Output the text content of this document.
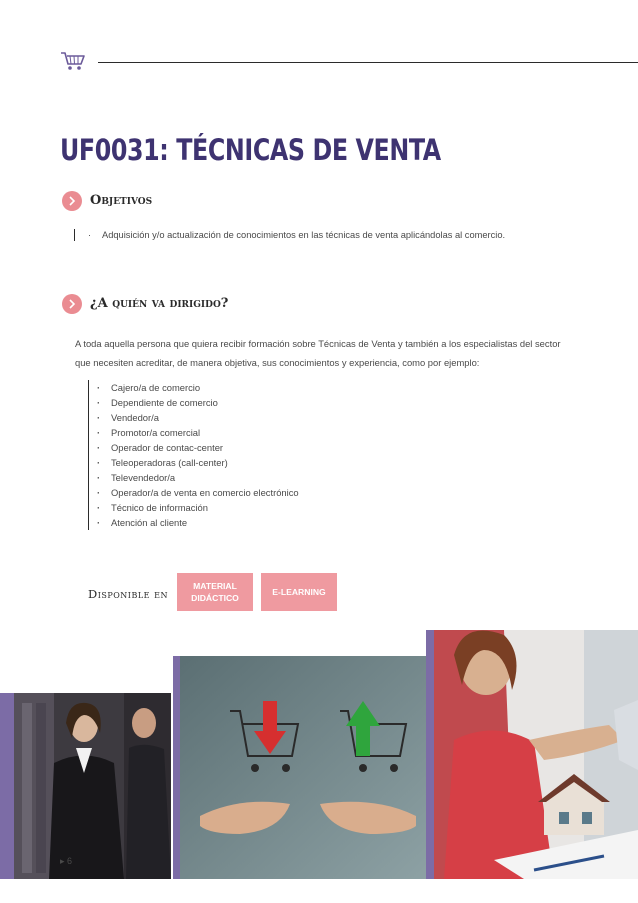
UF0031: TÉCNICAS DE VENTA
Objetivos
· Adquisición y/o actualización de conocimientos en las técnicas de venta aplicándolas al comercio.
¿A quién va dirigido?
A toda aquella persona que quiera recibir formación sobre Técnicas de Venta y también a los especialistas del sector
que necesiten acreditar, de manera objetiva, sus conocimientos y experiencia, como por ejemplo:
· Cajero/a de comercio
· Dependiente de comercio
· Vendedor/a
· Promotor/a comercial
· Operador de contac-center
· Teleoperadoras (call-center)
· Televendedor/a
· Operador/a de venta en comercio electrónico
· Técnico de información
· Atención al cliente
Disponible en
MATERIAL
DIDÁCTICO
E-LEARNING
▸ 6
